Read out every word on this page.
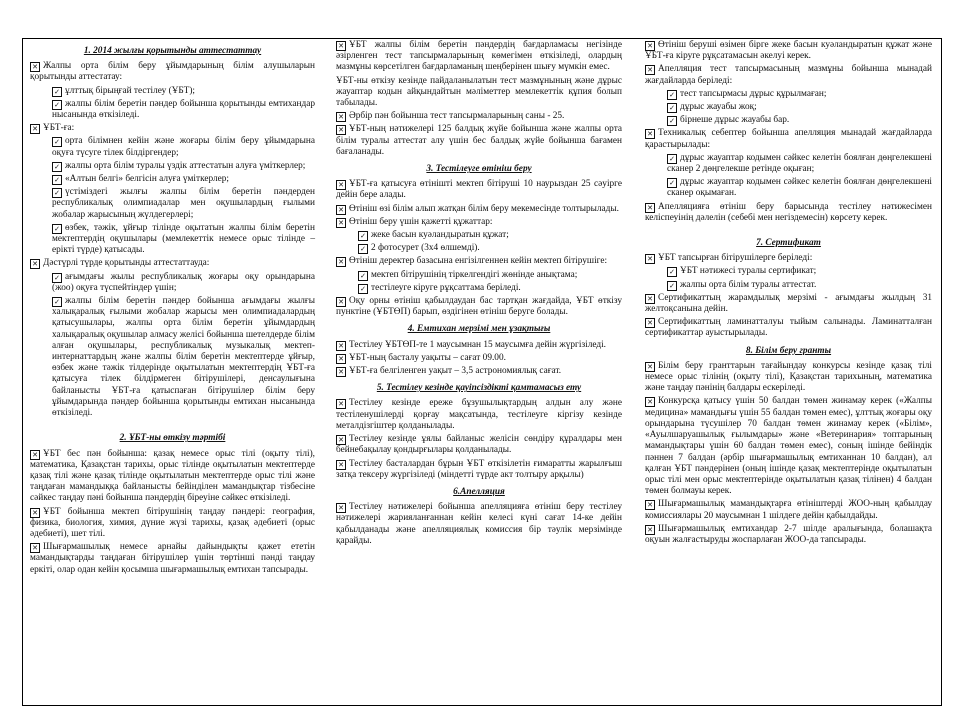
1. 2014 жылғы қорытынды аттестаттау
✕ Жалпы орта білім беру ұйымдарының білім алушыларын қорытынды аттестатау:
✓ ұлттық бірыңғай тестілеу (ҰБТ);
✓ жалпы білім беретін пәндер бойынша қорытынды емтихандар нысанында өткізіледі.
✕ ҰБТ-ға:
✓ орта білімнен кейін және жоғары білім беру ұйымдарына оқуға түсуге тілек білдіргендер;
✓ жалпы орта білім туралы үздік аттестатын алуға үміткерлер;
✓ «Алтын белгі» белгісін алуға үміткерлер;
✓ үстіміздегі жылғы жалпы білім беретін пәндерден республикалық олимпиадалар мен оқушылардың ғылыми жобалар жарысының жүлдегерлері;
✓ өзбек, тәжік, ұйғыр тілінде оқытатын жалпы білім беретін мектептердің оқушылары (мемлекеттік немесе орыс тілінде – ерікті түрде) қатысады.
✕ Дәстүрлі түрде қорытынды аттестаттауда:
✓ ағымдағы жылы республикалық жоғары оқу орындарына (жоо) оқуға түспейтіндер үшін;
✓ жалпы білім беретін пәндер бойынша ағымдағы жылғы халықаралық ғылыми жобалар жарысы мен олимпиадалардың қатысушылары, жалпы орта білім беретін ұйымдардың халықаралық оқушылар алмасу желісі бойынша шетелдерде білім алған оқушылары, республикалық музыкалық мектеп-интернаттардың және жалпы білім беретін мектептерде ұйғыр, өзбек және тәжік тілдерінде оқытылатын мектептердің ҰБТ-ға қатысуға тілек білдірмеген бітірушілері, денсаулығына байланысты ҰБТ-ға қатыспаған бітірушілер білім беру ұйымдарында пәндер бойынша қорытынды емтихан нысанында өткізіледі.
2. ҰБТ-ны өткізу тәртібі
✕ ҰБТ бес пән бойынша: қазақ немесе орыс тілі (оқыту тілі), математика, Қазақстан тарихы, орыс тілінде оқытылатын мектептерде қазақ тілі және қазақ тілінде оқытылатын мектептерде орыс тілі және таңдаған мамандыққа байланысты бейінділен мамандықтар тізбесіне сәйкес таңдау пәні бойынша пәндердің біреуіне сәйкес өткізіледі.
✕ ҰБТ бойынша мектеп бітірушінің таңдау пәндері: география, физика, биология, химия, дүние жүзі тарихы, қазақ әдебиеті (орыс әдебиеті), шет тілі.
✕ Шығармашылық немесе арнайы дайындықты қажет ететін мамандықтарды таңдаған бітірушілер үшін төртінші пәнді таңдау еркіті, олар одан кейін қосымша шығармашылық емтихан тапсырады.
✕ ҰБТ жалпы білім беретін пәндердің бағдарламасы негізінде әзірленген тест тапсырмаларының көмегімен өткізіледі, олардың мазмұны көрсетілген бағдарламаның шеңберінен шығу мүмкін емес.
ҰБТ-ны өткізу кезінде пайдаланылатын тест мазмұнының және дұрыс жауаптар кодын айқындайтын мәліметтер мемлекеттік құпия болып табылады.
✕ Әрбір пән бойынша тест тапсырмаларының саны - 25.
✕ ҰБТ-ның нәтижелері 125 балдық жүйе бойынша және жалпы орта білім туралы аттестат алу үшін бес балдық жүйе бойынша бағамен бағаланады.
3. Тестілеуге өтініш беру
✕ ҰБТ-ға қатысуға өтінішті мектеп бітіруші 10 наурыздан 25 сәуірге дейін бере алады.
✕ Өтініш өзі білім алып жатқан білім беру мекемесінде толтырылады.
✕ Өтініш беру үшін қажетті құжаттар:
✓ жеке басын куәландыратын құжат;
✓ 2 фотосурет (3х4 өлшемді).
✕ Өтініш деректер базасына енгізілгеннен кейін мектеп бітірушіге:
✓ мектеп бітірушінің тіркелгендігі жөнінде анықтама;
✓ тестілеуге кіруге рұқсаттама беріледі.
✕ Оқу орны өтініш қабылдаудан бас тартқан жағдайда, ҰБТ өткізу пунктіне (ҰБТӨП) барып, өздігінен өтініш беруге болады.
4. Емтихан мерзімі мен ұзақтығы
✕ Тестілеу ҰБТӨП-те 1 маусымнан 15 маусымға дейін жүргізіледі.
✕ ҰБТ-ның басталу уақыты – сағат 09.00.
✕ ҰБТ-ға белгіленген уақыт – 3,5 астрономиялық сағат.
5. Тестілеу кезінде қауіпсіздікті қамтамасыз ету
✕ Тестілеу кезінде ереже бұзушылықтардың алдын алу және тестіленушілерді қорғау мақсатында, тестілеуге кіргізу кезінде металдізгіштер қолданылады.
✕ Тестілеу кезінде ұялы байланыс желісін сөндіру құралдары мен бейнебақылау қондырғылары қолданылады.
✕ Тестілеу басталардан бұрын ҰБТ өткізілетін ғимаратты жарылғыш затқа тексеру жүргізіледі (міндетті түрде акт толтыру арқылы)
6.Апелляция
✕ Тестілеу нәтижелері бойынша апелляцияға өтініш беру тестілеу нәтижелері жарияланғаннан кейін келесі күні сағат 14-ке дейін қабылданады және апелляциялық комиссия бір тәулік мерзімінде қарайды.
✕ Өтініш беруші өзімен бірге жеке басын куәландыратын құжат және ҰБТ-ға кіруге рұқсатамасын әкелуі керек.
✕ Апелляция тест тапсырмасының мазмұны бойынша мынадай жағдайларда беріледі:
✓ тест тапсырмасы дұрыс құрылмаған;
✓ дұрыс жауабы жоқ;
✓ бірнеше дұрыс жауабы бар.
✕ Техникалық себептер бойынша апелляция мынадай жағдайларда қарастырылады:
✓ дұрыс жауаптар кодымен сәйкес келетін боялған дөңгелекшені сканер 2 дөңгелекше ретінде оқыған;
✓ дұрыс жауаптар кодымен сәйкес келетін боялған дөңгелекшені сканер оқымаған.
✕ Апелляцияға өтініш беру барысында тестілеу нәтижесімен келіспеуінің дәлелін (себебі мен негіздемесін) көрсету керек.
7. Сертификат
✕ ҰБТ тапсырған бітірушілерге беріледі:
✓ ҰБТ нәтижесі туралы сертификат;
✓ жалпы орта білім туралы аттестат.
✕ Сертификаттың жарамдылық мерзімі - ағымдағы жылдың 31 желтоқсанына дейін.
✕ Сертификаттың ламинатталуы тыйым салынады. Ламинатталған сертификаттар ауыстырылады.
8. Білім беру гранты
✕ Білім беру гранттарын тағайындау конкурсы кезінде қазақ тілі немесе орыс тілінің (оқыту тілі), Қазақстан тарихының, математика және таңдау пәнінің балдары ескеріледі.
✕ Конкурсқа қатысу үшін 50 балдан төмен жинамау керек («Жалпы медицина» мамандығы үшін 55 балдан төмен емес), ұлттық жоғары оқу орындарына түсушілер 70 балдан төмен жинамау керек («Білім», «Ауылшаруашылық ғылымдары» және «Ветеринария» топтарының мамандықтары үшін 60 балдан төмен емес), соның ішінде бейіндік пәннен 7 балдан (әрбір шығармашылық емтиханнан 10 балдан), ал қалған ҰБТ пәндерінен (оның ішінде қазақ мектептерінде оқытылатын орыс тілі мен орыс мектептерінде оқытылатын қазақ тілінен) 4 балдан төмен болмауы керек.
✕ Шығармашылық мамандықтарға өтініштерді ЖОО-ның қабылдау комиссиялары 20 маусымнан 1 шілдеге дейін қабылдайды.
✕ Шығармашылық емтихандар 2-7 шілде аралығында, болашақта оқуын жалғастыруды жоспарлаған ЖОО-да тапсырады.
